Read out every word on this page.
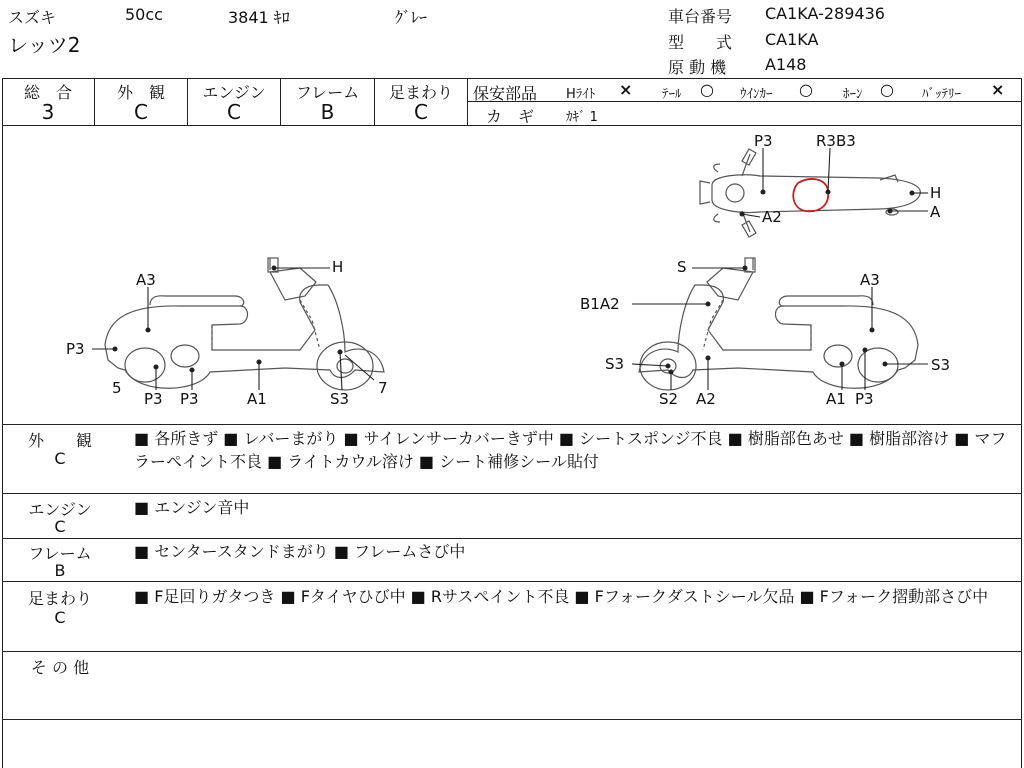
スズキ	50cc	3841 ｷﾛ	ｸﾞﾚｰ
レッツ2
車台番号 CA1KA-289436
型　　式 CA1KA
原 動 機 A148
総　合
3
外　観
C
エンジン
C
フレーム
B
足まわり
C
保安部品 Hﾗｲﾄ × ﾃｰﾙ ○ ｳｲﾝｶｰ ○ ﾎｰﾝ ○ ﾊﾞｯﾃﾘｰ ×
カ　ギ ｶｷﾞ 1
P3	R3B3
H
A2	A
H
A3
P3
5
P3 P3	A1	S3
7
S
A3
B1A2
S3	S3
S2 A2	A1 P3
外　　観
C
■ 各所きず ■ レバーまがり ■ サイレンサーカバーきず中 ■ シートスポンジ不良 ■ 樹脂部色あせ ■ 樹脂部溶け ■ マフラーペイント不良 ■ ライトカウル溶け ■ シート補修シール貼付
エンジン
C
■ エンジン音中
フレーム
B
■ センタースタンドまがり ■ フレームさび中
足まわり
C
■ F足回りガタつき ■ Fタイヤひび中 ■ Rサスペイント不良 ■ Fフォークダストシール欠品 ■ Fフォーク摺動部さび中
そ の 他
